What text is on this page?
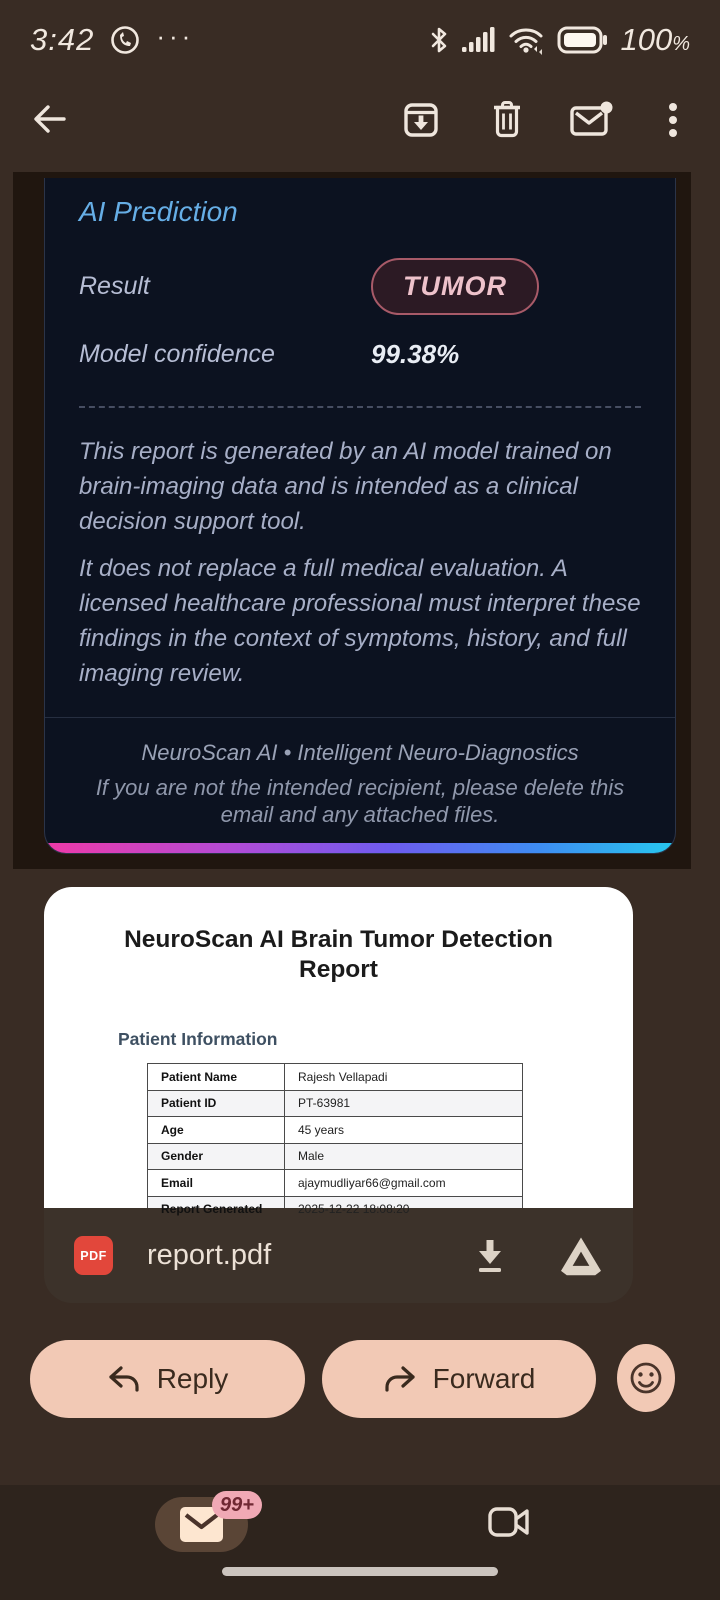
3:42 ···	100%
AI Prediction
Result	TUMOR
Model confidence	99.38%

This report is generated by an AI model trained on brain-imaging data and is intended as a clinical decision support tool.

It does not replace a full medical evaluation. A licensed healthcare professional must interpret these findings in the context of symptoms, history, and full imaging review.

NeuroScan AI • Intelligent Neuro-Diagnostics
If you are not the intended recipient, please delete this email and any attached files.
NeuroScan AI Brain Tumor Detection Report
Patient Information
Patient Name	Rajesh Vellapadi
Patient ID	PT-63981
Age	45 years
Gender	Male
Email	ajaymudliyar66@gmail.com
Report Generated	2025-12-22 18:08:20
PDF report.pdf
Reply	Forward
99+
